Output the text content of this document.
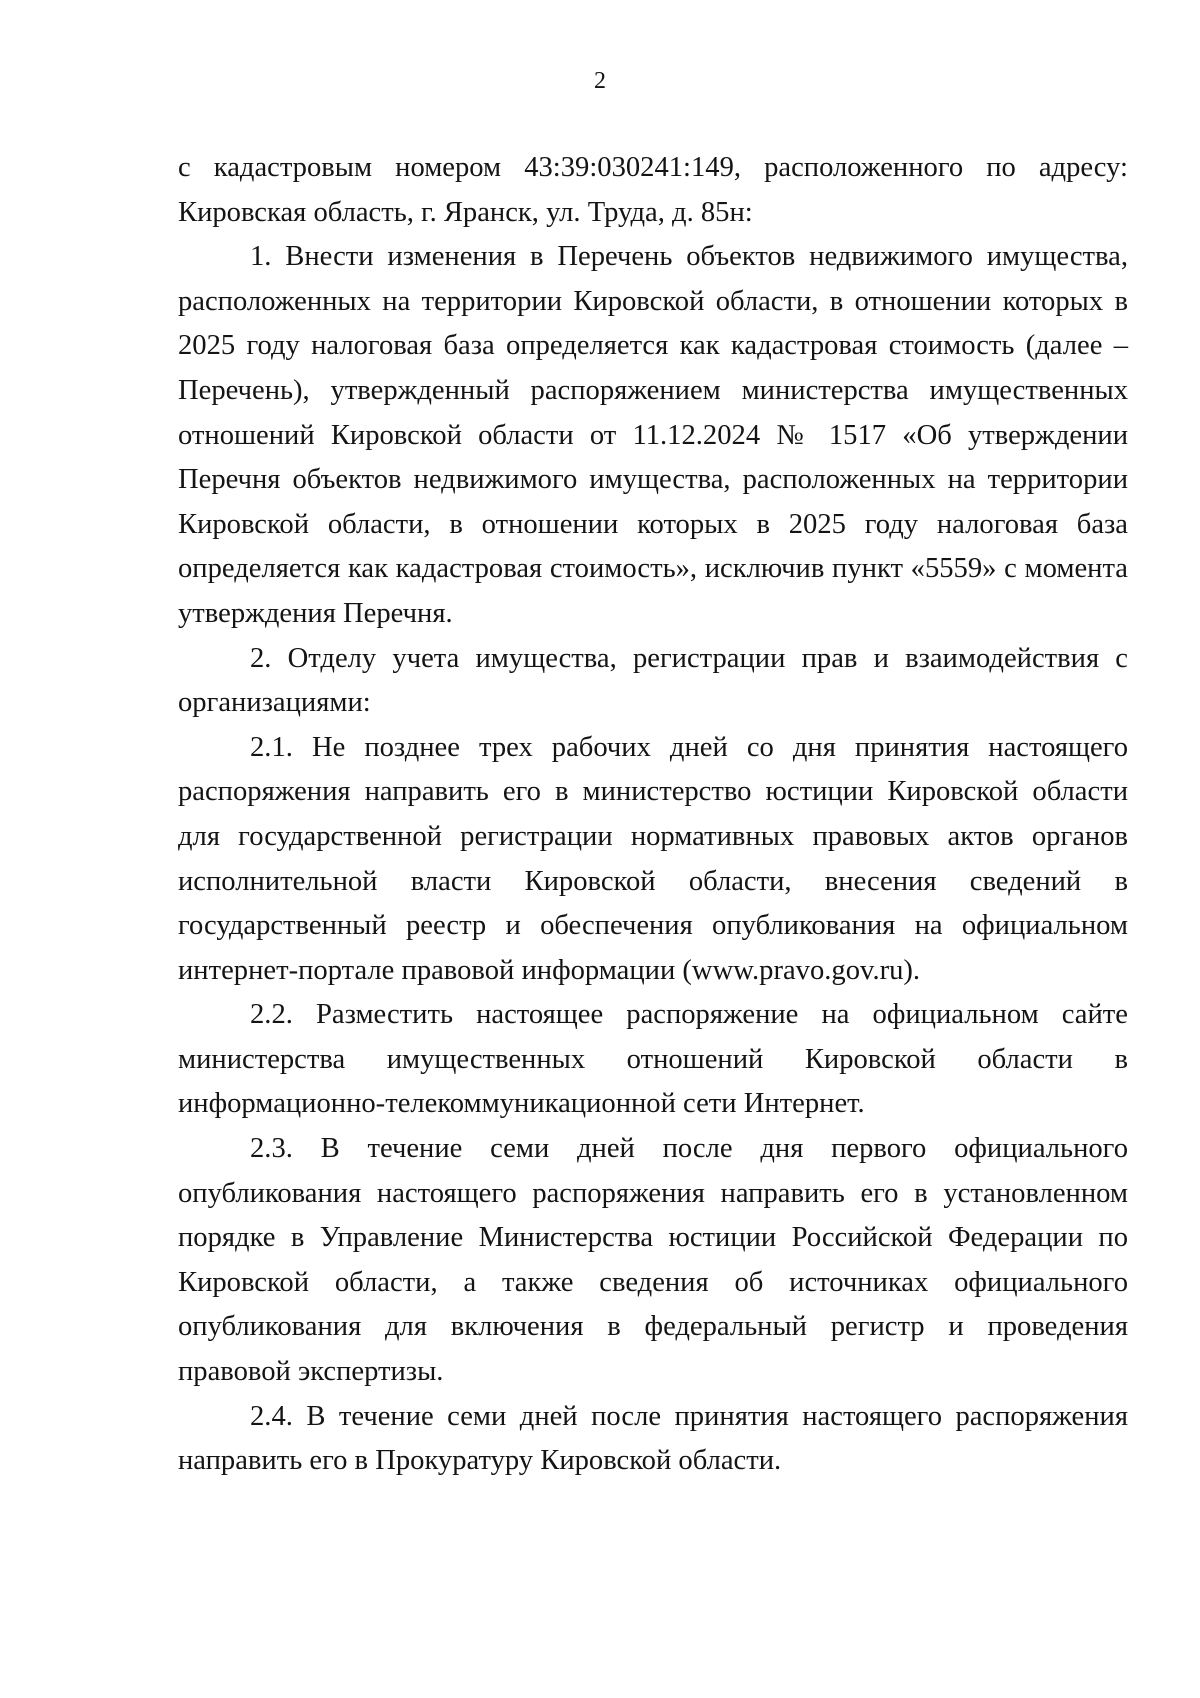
2

с кадастровым номером 43:39:030241:149, расположенного по адресу: Кировская область, г. Яранск, ул. Труда, д. 85н:

1. Внести изменения в Перечень объектов недвижимого имущества, расположенных на территории Кировской области, в отношении которых в 2025 году налоговая база определяется как кадастровая стоимость (далее – Перечень), утвержденный распоряжением министерства имущественных отношений Кировской области от 11.12.2024 № 1517 «Об утверждении Перечня объектов недвижимого имущества, расположенных на территории Кировской области, в отношении которых в 2025 году налоговая база определяется как кадастровая стоимость», исключив пункт «5559» с момента утверждения Перечня.

2. Отделу учета имущества, регистрации прав и взаимодействия с организациями:

2.1. Не позднее трех рабочих дней со дня принятия настоящего распоряжения направить его в министерство юстиции Кировской области для государственной регистрации нормативных правовых актов органов исполнительной власти Кировской области, внесения сведений в государственный реестр и обеспечения опубликования на официальном интернет-портале правовой информации (www.pravo.gov.ru).

2.2. Разместить настоящее распоряжение на официальном сайте министерства имущественных отношений Кировской области в информационно-телекоммуникационной сети Интернет.

2.3. В течение семи дней после дня первого официального опубликования настоящего распоряжения направить его в установленном порядке в Управление Министерства юстиции Российской Федерации по Кировской области, а также сведения об источниках официального опубликования для включения в федеральный регистр и проведения правовой экспертизы.

2.4. В течение семи дней после принятия настоящего распоряжения направить его в Прокуратуру Кировской области.
